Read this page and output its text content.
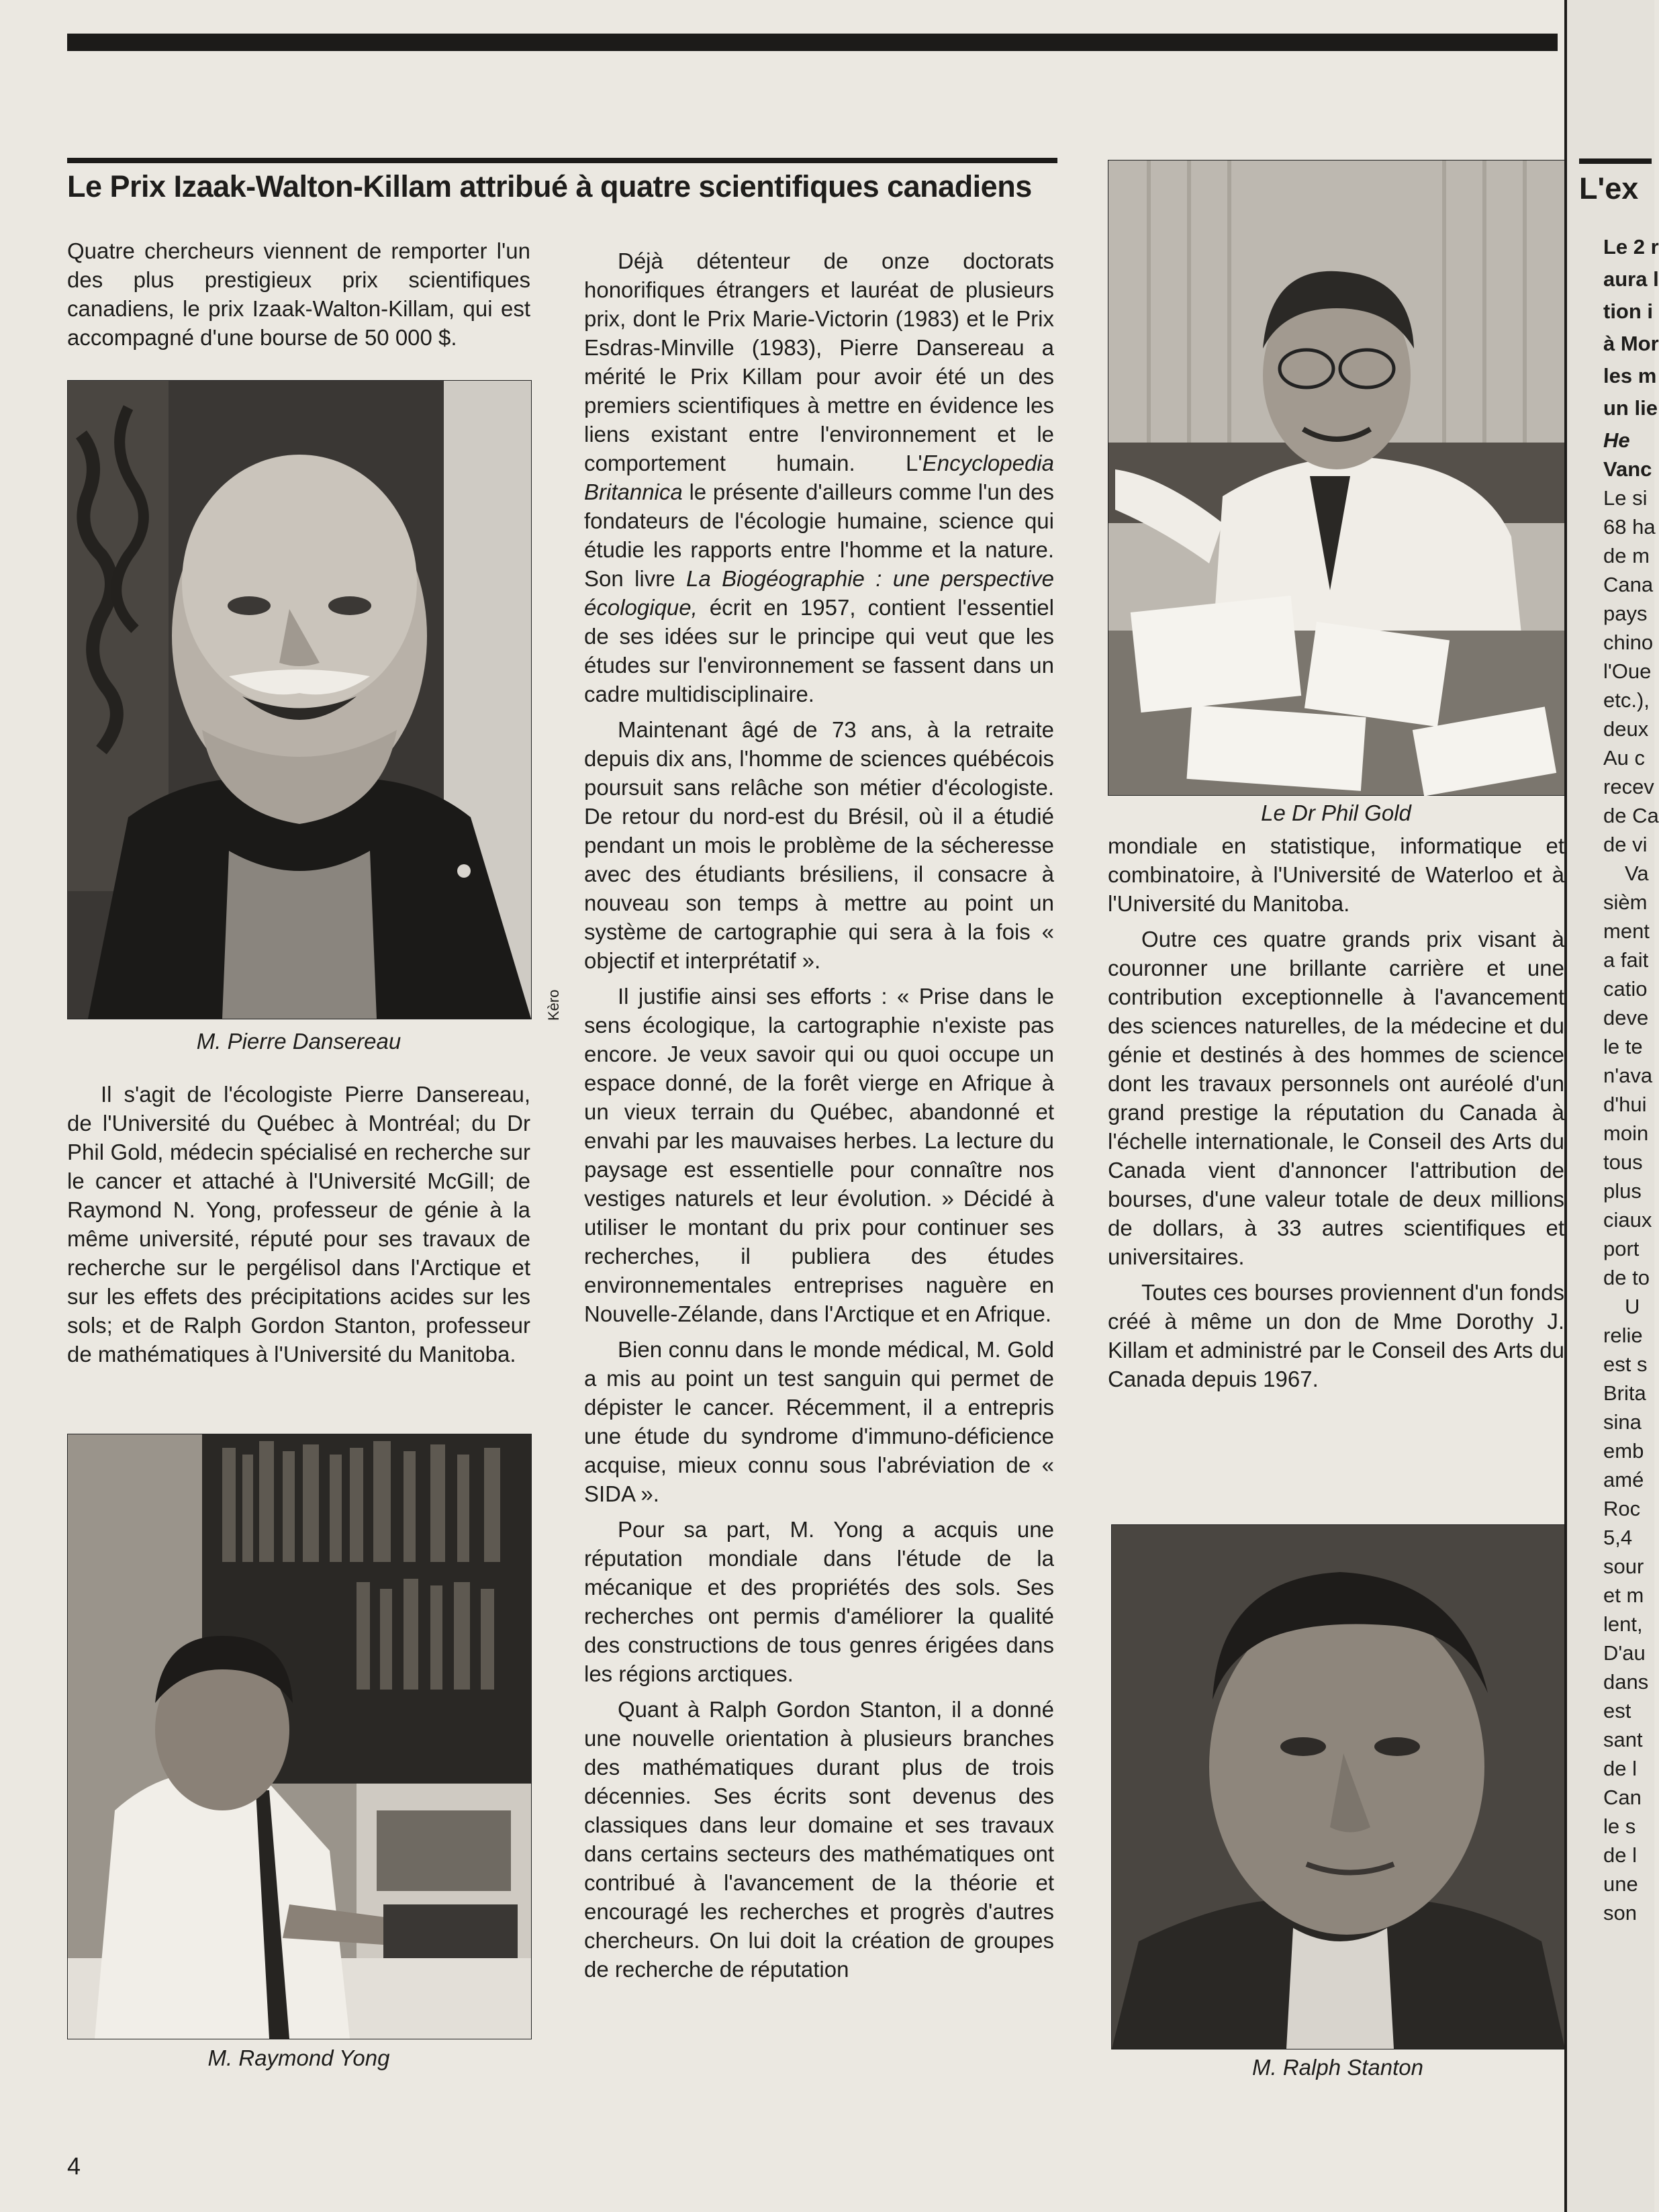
Le Prix Izaak-Walton-Killam attribué à quatre scientifiques canadiens

Quatre chercheurs viennent de remporter l'un des plus prestigieux prix scientifiques canadiens, le prix Izaak-Walton-Killam, qui est accompagné d'une bourse de 50 000 $.

Kèro
M. Pierre Dansereau

Il s'agit de l'écologiste Pierre Dansereau, de l'Université du Québec à Montréal; du Dr Phil Gold, médecin spécialisé en recherche sur le cancer et attaché à l'Université McGill; de Raymond N. Yong, professeur de génie à la même université, réputé pour ses travaux de recherche sur le pergélisol dans l'Arctique et sur les effets des précipitations acides sur les sols; et de Ralph Gordon Stanton, professeur de mathématiques à l'Université du Manitoba.

M. Raymond Yong

Déjà détenteur de onze doctorats honorifiques étrangers et lauréat de plusieurs prix, dont le Prix Marie-Victorin (1983) et le Prix Esdras-Minville (1983), Pierre Dansereau a mérité le Prix Killam pour avoir été un des premiers scientifiques à mettre en évidence les liens existant entre l'environnement et le comportement humain. L'Encyclopedia Britannica le présente d'ailleurs comme l'un des fondateurs de l'écologie humaine, science qui étudie les rapports entre l'homme et la nature. Son livre La Biogéographie : une perspective écologique, écrit en 1957, contient l'essentiel de ses idées sur le principe qui veut que les études sur l'environnement se fassent dans un cadre multidisciplinaire.

Maintenant âgé de 73 ans, à la retraite depuis dix ans, l'homme de sciences québécois poursuit sans relâche son métier d'écologiste. De retour du nord-est du Brésil, où il a étudié pendant un mois le problème de la sécheresse avec des étudiants brésiliens, il consacre à nouveau son temps à mettre au point un système de cartographie qui sera à la fois « objectif et interprétatif ».

Il justifie ainsi ses efforts : « Prise dans le sens écologique, la cartographie n'existe pas encore. Je veux savoir qui ou quoi occupe un espace donné, de la forêt vierge en Afrique à un vieux terrain du Québec, abandonné et envahi par les mauvaises herbes. La lecture du paysage est essentielle pour connaître nos vestiges naturels et leur évolution. » Décidé à utiliser le montant du prix pour continuer ses recherches, il publiera des études environnementales entreprises naguère en Nouvelle-Zélande, dans l'Arctique et en Afrique.

Bien connu dans le monde médical, M. Gold a mis au point un test sanguin qui permet de dépister le cancer. Récemment, il a entrepris une étude du syndrome d'immuno-déficience acquise, mieux connu sous l'abréviation de « SIDA ».

Pour sa part, M. Yong a acquis une réputation mondiale dans l'étude de la mécanique et des propriétés des sols. Ses recherches ont permis d'améliorer la qualité des constructions de tous genres érigées dans les régions arctiques.

Quant à Ralph Gordon Stanton, il a donné une nouvelle orientation à plusieurs branches des mathématiques durant plus de trois décennies. Ses écrits sont devenus des classiques dans leur domaine et ses travaux dans certains secteurs des mathématiques ont contribué à l'avancement de la théorie et encouragé les recherches et progrès d'autres chercheurs. On lui doit la création de groupes de recherche de réputation

Le Dr Phil Gold

mondiale en statistique, informatique et combinatoire, à l'Université de Waterloo et à l'Université du Manitoba.

Outre ces quatre grands prix visant à couronner une brillante carrière et une contribution exceptionnelle à l'avancement des sciences naturelles, de la médecine et du génie et destinés à des hommes de science dont les travaux personnels ont auréolé d'un grand prestige la réputation du Canada à l'échelle internationale, le Conseil des Arts du Canada vient d'annoncer l'attribution de bourses, d'une valeur totale de deux millions de dollars, à 33 autres scientifiques et universitaires.

Toutes ces bourses proviennent d'un fonds créé à même un don de Mme Dorothy J. Killam et administré par le Conseil des Arts du Canada depuis 1967.

M. Ralph Stanton
4
L'ex
Le 2 r
aura l
tion i
à Mor
les m
un lie
He
Vanc
Le si
68 ha
de m
Cana
pays
chino
l'Oue
etc.),
deux
Au c
recev
de Ca
de vi
Va
sièm
ment
a fait
catio
deve
le te
n'ava
d'hui
moin
tous
plus
ciaux
port
de to
U
relie
est s
Brita
sina
emb
amé
Roc
5,4
sour
et m
lent,
D'au
dans
est
sant
de l
Can
le s
de l
une
son
